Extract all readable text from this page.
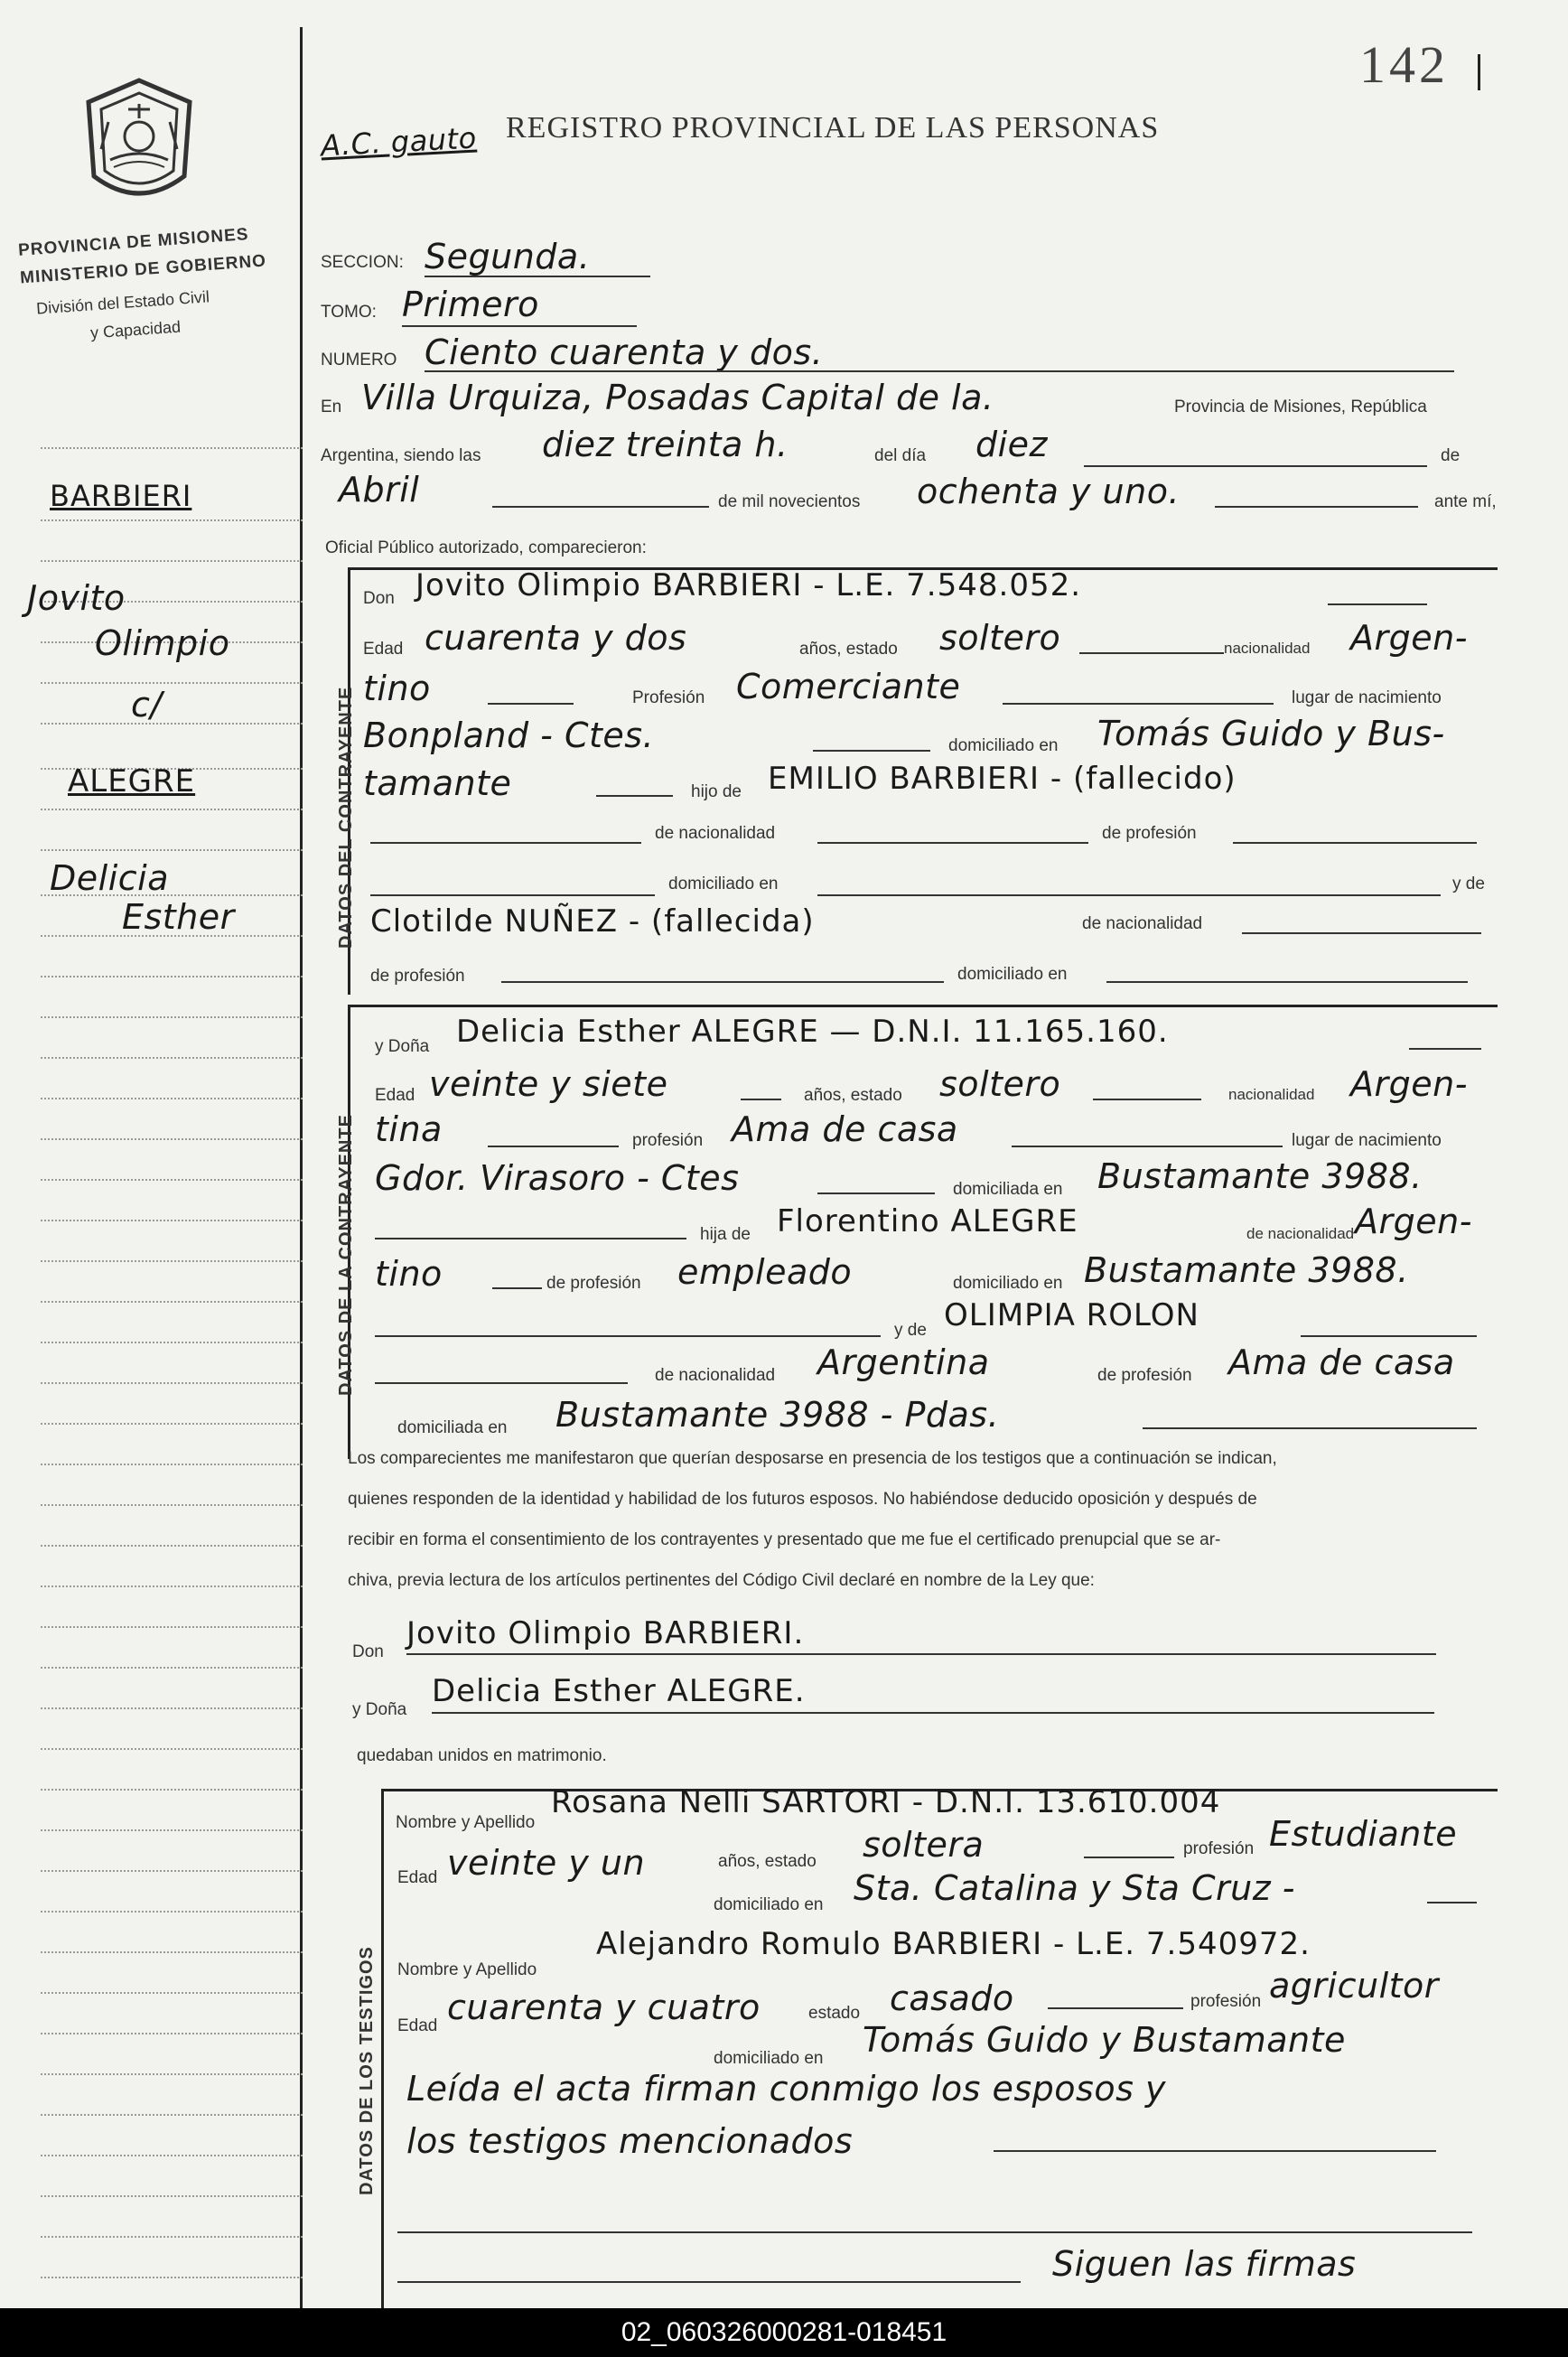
142
PROVINCIA DE MISIONES
MINISTERIO DE GOBIERNO
División del Estado Civil
y Capacidad
BARBIERI
Jovito
Olimpio
c/
ALEGRE
Delicia
Esther
A.C. gauto REGISTRO PROVINCIAL DE LAS PERSONAS
SECCION: Segunda.
TOMO: Primero
NUMERO Ciento cuarenta y dos.
En Villa Urquiza, Posadas Capital de la.	Provincia de Misiones, República
Argentina, siendo las diez treinta h.	del día diez	de
Abril	de mil novecientos ochenta y uno.	ante mí,
Oficial Público autorizado, comparecieron:
DATOS DEL CONTRAYENTE
Don Jovito Olimpio BARBIERI - L.E. 7.548.052.
Edad cuarenta y dos	años, estado soltero	nacionalidad Argen-
tino	Profesión Comerciante	lugar de nacimiento
Bonpland - Ctes.	domiciliado en Tomás Guido y Bus-
tamante	hijo de EMILIO BARBIERI - (fallecido)
de nacionalidad	de profesión
domiciliado en	y de
Clotilde NUÑEZ - (fallecida)	de nacionalidad
de profesión	domiciliado en
DATOS DE LA CONTRAYENTE
y Doña Delicia Esther ALEGRE — D.N.I. 11.165.160.
Edad veinte y siete	años, estado soltero	nacionalidad Argen-
tina	profesión Ama de casa	lugar de nacimiento
Gdor. Virasoro - Ctes	domiciliada en Bustamante 3988.
hija de Florentino ALEGRE	de nacionalidad Argen-
tino	de profesión empleado	domiciliado en Bustamante 3988.
y de OLIMPIA ROLON
de nacionalidad Argentina	de profesión Ama de casa
domiciliada en Bustamante 3988 - Pdas.
Los comparecientes me manifestaron que querían desposarse en presencia de los testigos que a continuación se indican,
quienes responden de la identidad y habilidad de los futuros esposos. No habiéndose deducido oposición y después de
recibir en forma el consentimiento de los contrayentes y presentado que me fue el certificado prenupcial que se ar-
chiva, previa lectura de los artículos pertinentes del Código Civil declaré en nombre de la Ley que:
Don
Jovito Olimpio BARBIERI.
y Doña
Delicia Esther ALEGRE.
quedaban unidos en matrimonio.
DATOS DE LOS TESTIGOS
Nombre y Apellido
Rosana Nelli SARTORI - D.N.I. 13.610.004
Edad veinte y un	años, estado soltera	profesión Estudiante
domiciliado en Sta. Catalina y Sta Cruz -
Nombre y Apellido
Alejandro Romulo BARBIERI - L.E. 7.540972.
Edad cuarenta y cuatro	estado casado	profesión agricultor
domiciliado en Tomás Guido y Bustamante
Leída el acta firman conmigo los esposos y
los testigos mencionados
Siguen las firmas
02_060326000281-018451
